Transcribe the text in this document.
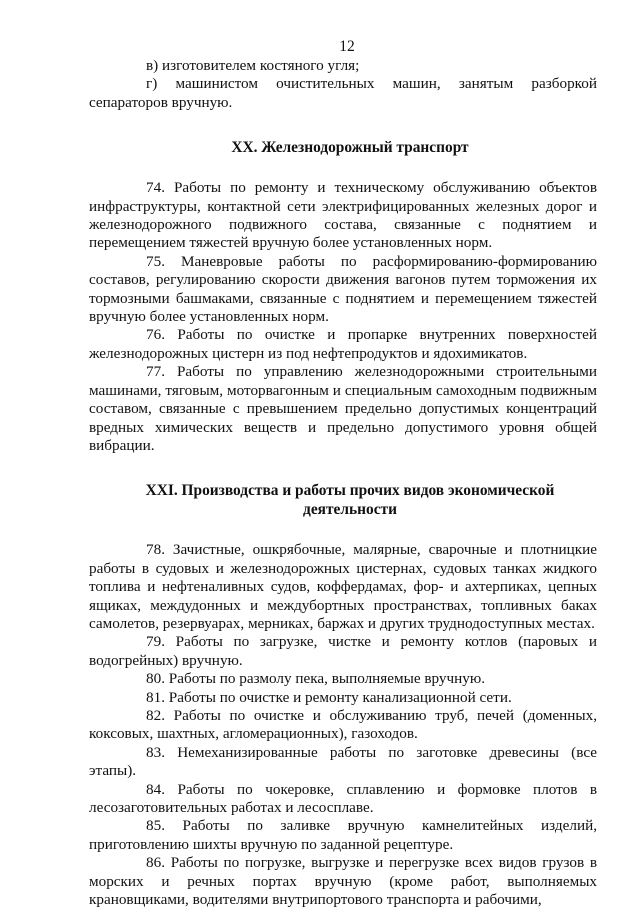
12

в) изготовителем костяного угля;

г) машинистом очистительных машин, занятым разборкой сепараторов вручную.

XX. Железнодорожный транспорт

74. Работы по ремонту и техническому обслуживанию объектов инфраструктуры, контактной сети электрифицированных железных дорог и железнодорожного подвижного состава, связанные с поднятием и перемещением тяжестей вручную более установленных норм.

75. Маневровые работы по расформированию-формированию составов, регулированию скорости движения вагонов путем торможения их тормозными башмаками, связанные с поднятием и перемещением тяжестей вручную более установленных норм.

76. Работы по очистке и пропарке внутренних поверхностей железнодорожных цистерн из под нефтепродуктов и ядохимикатов.

77. Работы по управлению железнодорожными строительными машинами, тяговым, моторвагонным и специальным самоходным подвижным составом, связанные с превышением предельно допустимых концентраций вредных химических веществ и предельно допустимого уровня общей вибрации.

XXI. Производства и работы прочих видов экономической
деятельности

78. Зачистные, ошкрябочные, малярные, сварочные и плотницкие работы в судовых и железнодорожных цистернах, судовых танках жидкого топлива и нефтеналивных судов, коффердамах, фор- и ахтерпиках, цепных ящиках, междудонных и междубортных пространствах, топливных баках самолетов, резервуарах, мерниках, баржах и других труднодоступных местах.

79. Работы по загрузке, чистке и ремонту котлов (паровых и водогрейных) вручную.

80. Работы по размолу пека, выполняемые вручную.

81. Работы по очистке и ремонту канализационной сети.

82. Работы по очистке и обслуживанию труб, печей (доменных, коксовых, шахтных, агломерационных), газоходов.

83. Немеханизированные работы по заготовке древесины (все этапы).

84. Работы по чокеровке, сплавлению и формовке плотов в лесозаготовительных работах и лесосплаве.

85. Работы по заливке вручную камнелитейных изделий, приготовлению шихты вручную по заданной рецептуре.

86. Работы по погрузке, выгрузке и перегрузке всех видов грузов в морских и речных портах вручную (кроме работ, выполняемых крановщиками, водителями внутрипортового транспорта и рабочими,
